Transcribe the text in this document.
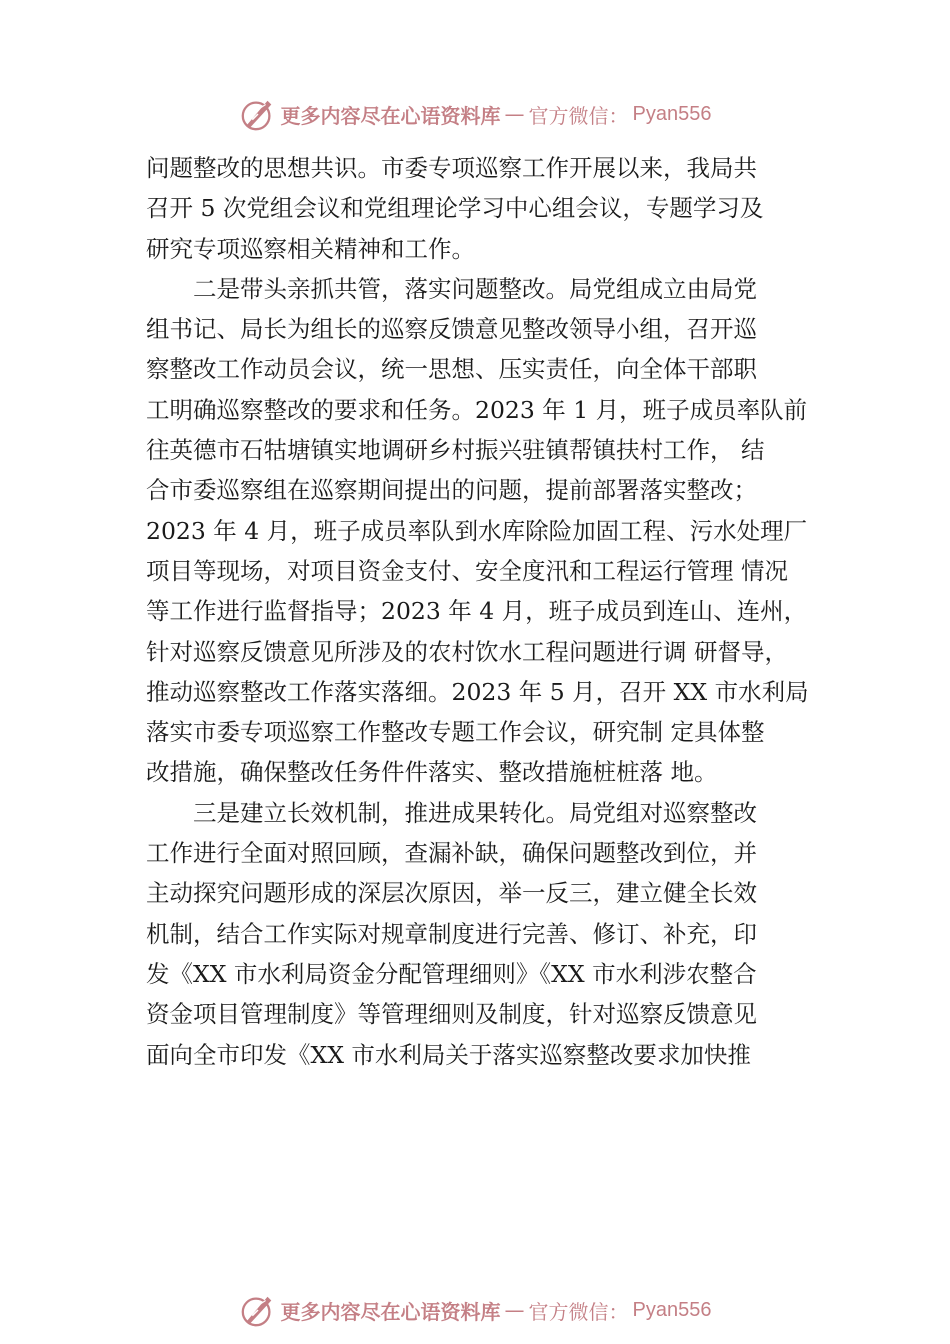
更多内容尽在心语资料库 — 官方微信： Pyan556
问题整改的思想共识。市委专项巡察工作开展以来，我局共
召开 5 次党组会议和党组理论学习中心组会议，专题学习及
研究专项巡察相关精神和工作。
二是带头亲抓共管，落实问题整改。局党组成立由局党
组书记、局长为组长的巡察反馈意见整改领导小组，召开巡
察整改工作动员会议，统一思想、压实责任，向全体干部职
工明确巡察整改的要求和任务。2023 年 1 月，班子成员率队前
往英德市石牯塘镇实地调研乡村振兴驻镇帮镇扶村工作， 结
合市委巡察组在巡察期间提出的问题，提前部署落实整改；
2023 年 4 月，班子成员率队到水库除险加固工程、污水处理厂
项目等现场，对项目资金支付、安全度汛和工程运行管理 情况
等工作进行监督指导；2023 年 4 月，班子成员到连山、连州，
针对巡察反馈意见所涉及的农村饮水工程问题进行调 研督导，
推动巡察整改工作落实落细。2023 年 5 月，召开 XX 市水利局
落实市委专项巡察工作整改专题工作会议，研究制 定具体整
改措施，确保整改任务件件落实、整改措施桩桩落 地。
三是建立长效机制，推进成果转化。局党组对巡察整改
工作进行全面对照回顾，查漏补缺，确保问题整改到位，并
主动探究问题形成的深层次原因，举一反三，建立健全长效
机制，结合工作实际对规章制度进行完善、修订、补充，印
发《XX 市水利局资金分配管理细则》《XX 市水利涉农整合
资金项目管理制度》等管理细则及制度，针对巡察反馈意见
面向全市印发《XX 市水利局关于落实巡察整改要求加快推
更多内容尽在心语资料库 — 官方微信： Pyan556
